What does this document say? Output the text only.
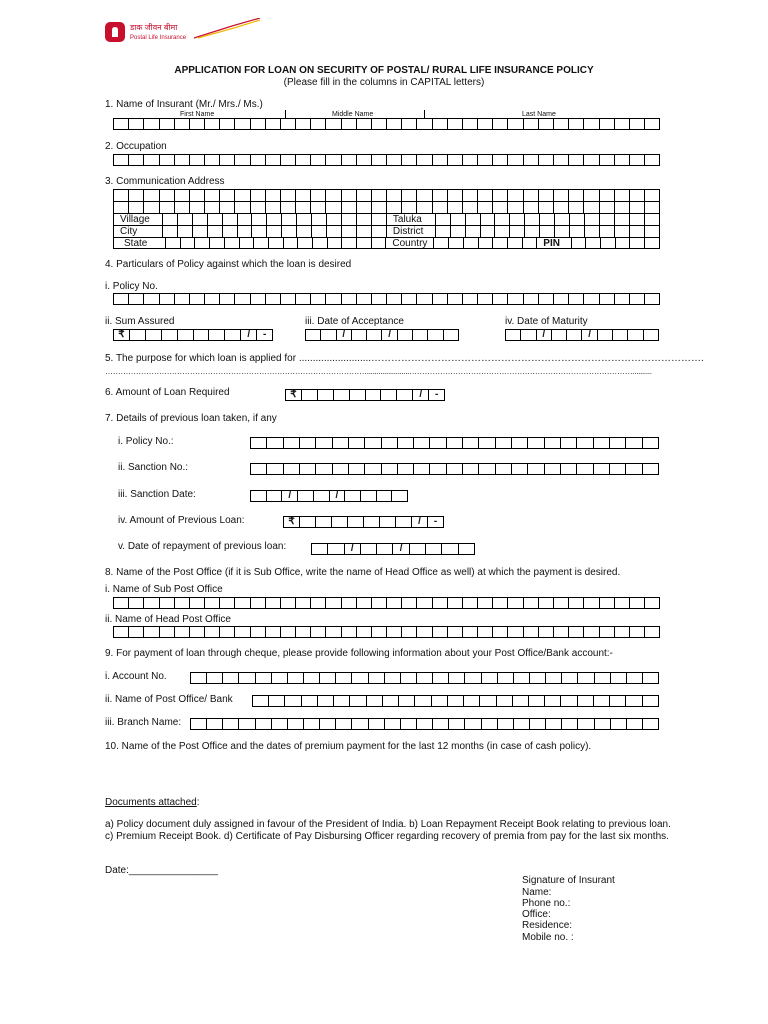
डाक जीवन बीमा
Postal Life Insurance
APPLICATION FOR LOAN ON SECURITY OF POSTAL/ RURAL LIFE INSURANCE POLICY
(Please fill in the columns in CAPITAL letters)
1. Name of Insurant (Mr./ Mrs./ Ms.)
First Name	Middle Name	Last Name
2. Occupation
3. Communication Address
Village	Taluka
City	District
State	Country	PIN
4. Particulars of Policy against which the loan is desired
i. Policy No.
ii. Sum Assured	iii. Date of Acceptance	iv. Date of Maturity
₹	/	-	/	/	/	/
5. The purpose for which loan is applied for ..........................……………………………………………………………………………………….
…………………………………………………………………………………………......................……………………………………………………………………………..........
6. Amount of Loan Required	₹	/	-
7. Details of previous loan taken, if any
i. Policy No.:
ii. Sanction No.:
iii. Sanction Date:	/	/
iv. Amount of Previous Loan:	₹	/	-
v. Date of repayment of previous loan:	/	/
8. Name of the Post Office (if it is Sub Office, write the name of Head Office as well) at which the payment is desired.
i. Name of Sub Post Office
ii. Name of Head Post Office
9. For payment of loan through cheque, please provide following information about your Post Office/Bank account:-
i. Account No.
ii. Name of Post Office/ Bank
iii. Branch Name:
10. Name of the Post Office and the dates of premium payment for the last 12 months (in case of cash policy).
Documents attached:
a) Policy document duly assigned in favour of the President of India. b) Loan Repayment Receipt Book relating to previous loan.
c) Premium Receipt Book. d) Certificate of Pay Disbursing Officer regarding recovery of premia from pay for the last six months.
Date:________________
Signature of Insurant
Name:
Phone no.:
Office:
Residence:
Mobile no. :
